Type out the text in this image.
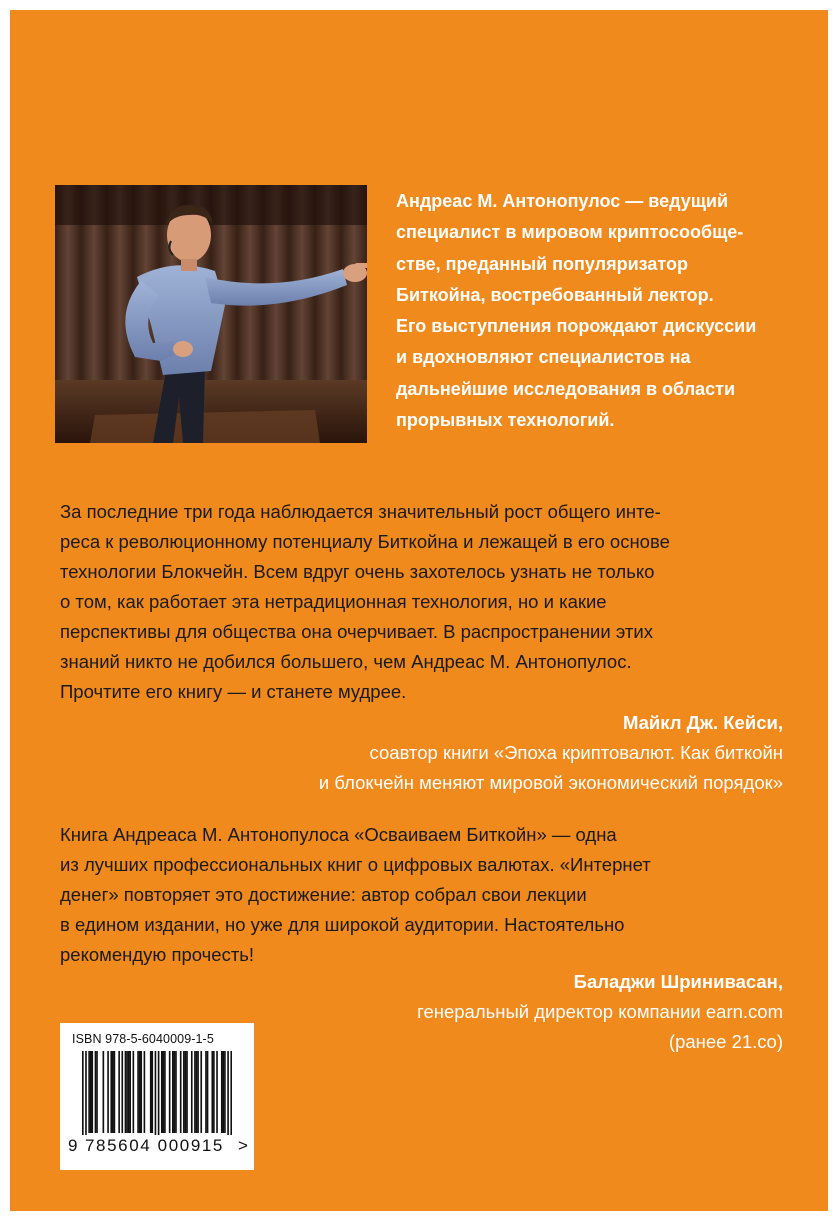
Андреас М. Антонопулос — ведущий
специалист в мировом криптосообще-
стве, преданный популяризатор
Биткойна, востребованный лектор.
Его выступления порождают дискуссии
и вдохновляют специалистов на
дальнейшие исследования в области
прорывных технологий.

За последние три года наблюдается значительный рост общего инте-
реса к революционному потенциалу Биткойна и лежащей в его основе
технологии Блокчейн. Всем вдруг очень захотелось узнать не только
о том, как работает эта нетрадиционная технология, но и какие
перспективы для общества она очерчивает. В распространении этих
знаний никто не добился большего, чем Андреас М. Антонопулос.
Прочтите его книгу — и станете мудрее.

Майкл Дж. Кейси,
соавтор книги «Эпоха криптовалют. Как биткойн
и блокчейн меняют мировой экономический порядок»

Книга Андреаса М. Антонопулоса «Осваиваем Биткойн» — одна
из лучших профессиональных книг о цифровых валютах. «Интернет
денег» повторяет это достижение: автор собрал свои лекции
в едином издании, но уже для широкой аудитории. Настоятельно
рекомендую прочесть!

Баладжи Шринивасан,
генеральный директор компании earn.com
(ранее 21.co)

ISBN 978-5-6040009-1-5
9 785604 000915 >
